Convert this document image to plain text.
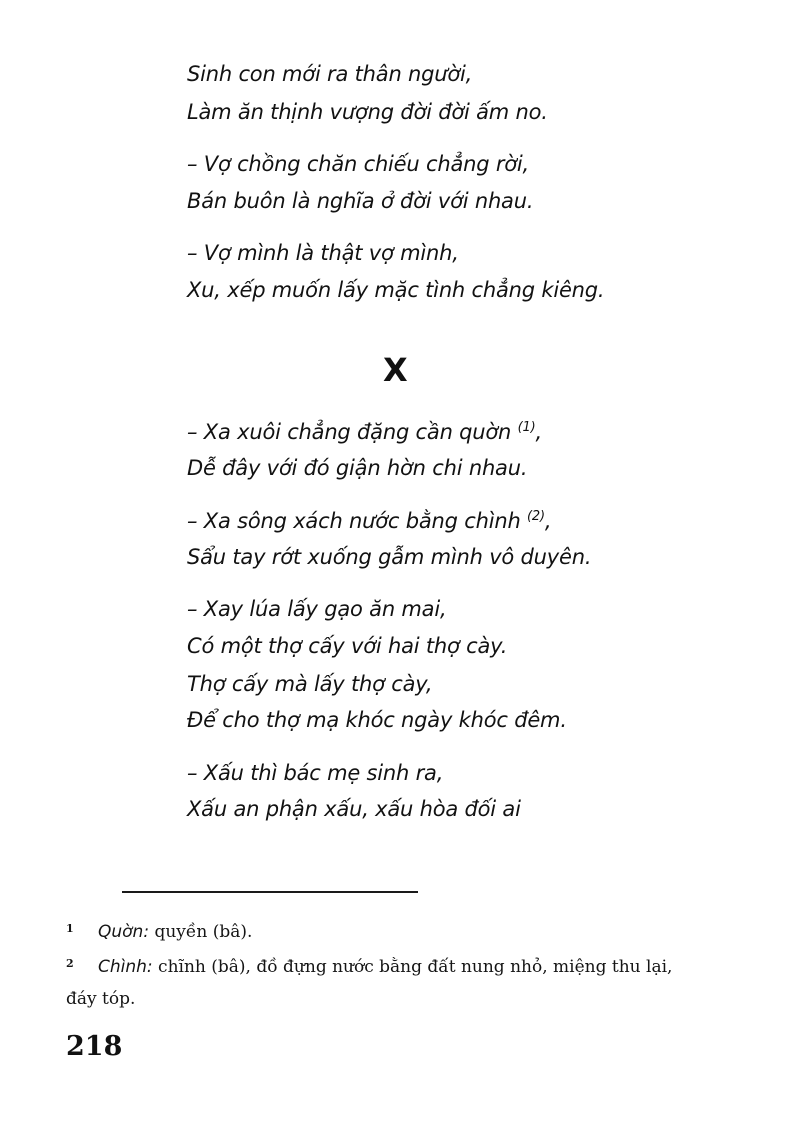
Sinh con mới ra thân người,
Làm ăn thịnh vượng đời đời ấm no.
– Vợ chồng chăn chiếu chẳng rời,
Bán buôn là nghĩa ở đời với nhau.
– Vợ mình là thật vợ mình,
Xu, xếp muốn lấy mặc tình chẳng kiêng.
X
– Xa xuôi chẳng đặng cần quờn $^{(1)}$,
Dễ đây với đó giận hờn chi nhau.
– Xa sông xách nước bằng chình $^{(2)}$,
Sẩu tay rớt xuống gẫm mình vô duyên.
– Xay lúa lấy gạo ăn mai,
Có một thợ cấy với hai thợ cày.
Thợ cấy mà lấy thợ cày,
Để cho thợ mạ khóc ngày khóc đêm.
– Xấu thì bác mẹ sinh ra,
Xấu an phận xấu, xấu hòa đối ai
1 Quờn: quyền (bâ).
2 Chình: chĩnh (bâ), đồ đựng nước bằng đất nung nhỏ, miệng thu lại,
đáy tóp.
218
